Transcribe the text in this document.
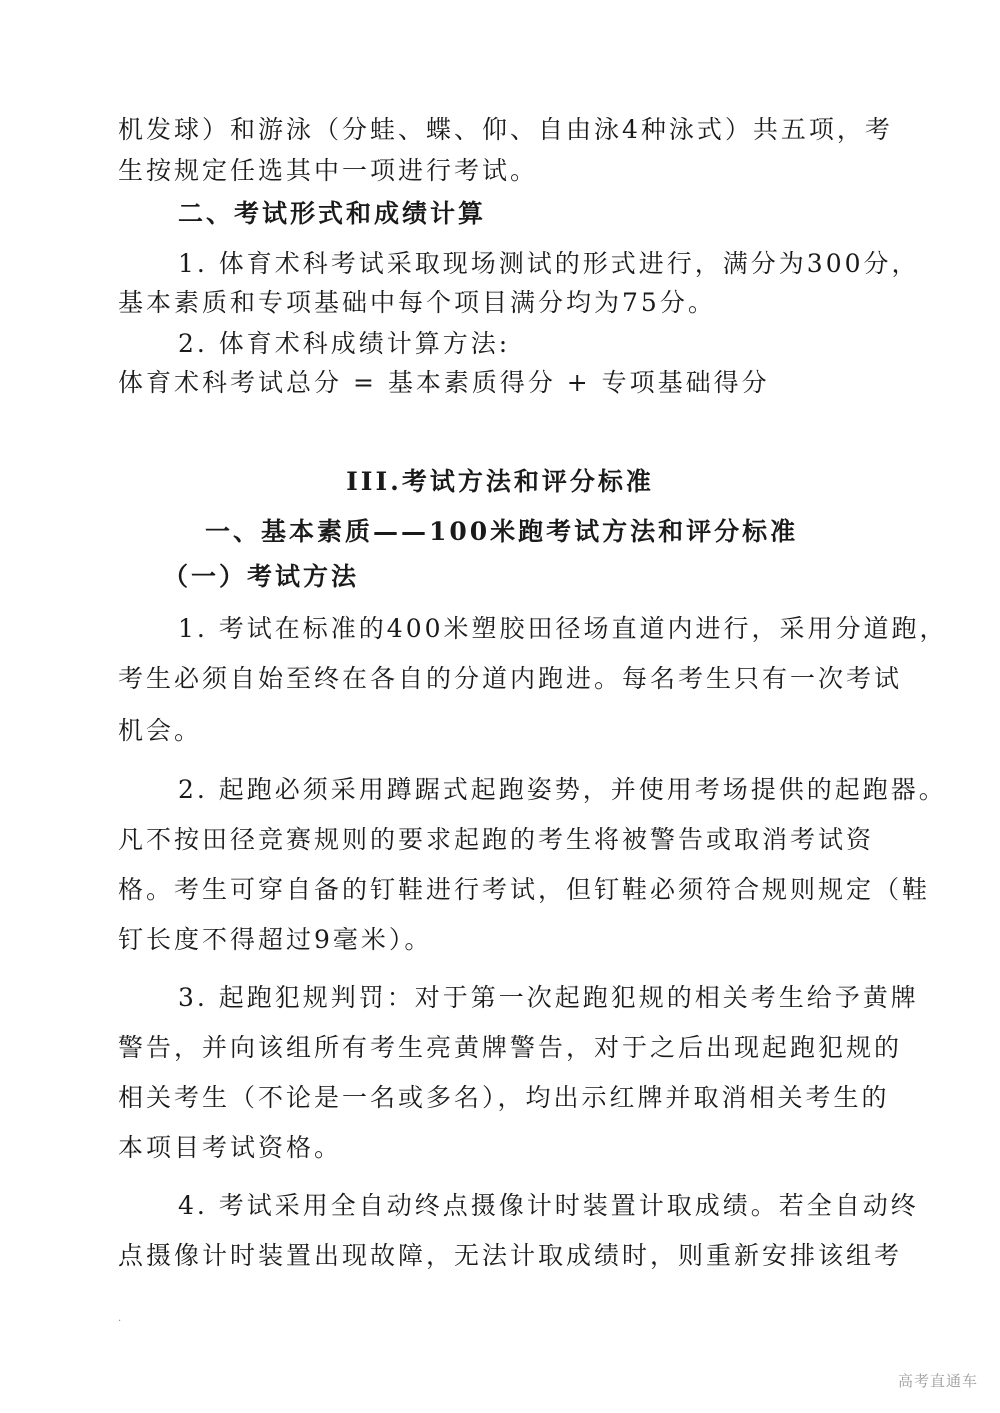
机发球）和游泳（分蛙、蝶、仰、自由泳4种泳式）共五项，考
生按规定任选其中一项进行考试。
二、考试形式和成绩计算
1. 体育术科考试采取现场测试的形式进行，满分为300分，
基本素质和专项基础中每个项目满分均为75分。
2. 体育术科成绩计算方法:
体育术科考试总分 = 基本素质得分 + 专项基础得分
III.考试方法和评分标准
一、基本素质——100米跑考试方法和评分标准
（一）考试方法
1. 考试在标准的400米塑胶田径场直道内进行，采用分道跑，
考生必须自始至终在各自的分道内跑进。每名考生只有一次考试
机会。
2. 起跑必须采用蹲踞式起跑姿势，并使用考场提供的起跑器。
凡不按田径竞赛规则的要求起跑的考生将被警告或取消考试资
格。考生可穿自备的钉鞋进行考试，但钉鞋必须符合规则规定（鞋
钉长度不得超过9毫米）。
3. 起跑犯规判罚：对于第一次起跑犯规的相关考生给予黄牌
警告，并向该组所有考生亮黄牌警告，对于之后出现起跑犯规的
相关考生（不论是一名或多名），均出示红牌并取消相关考生的
本项目考试资格。
4. 考试采用全自动终点摄像计时装置计取成绩。若全自动终
点摄像计时装置出现故障，无法计取成绩时，则重新安排该组考
·
高考直通车
